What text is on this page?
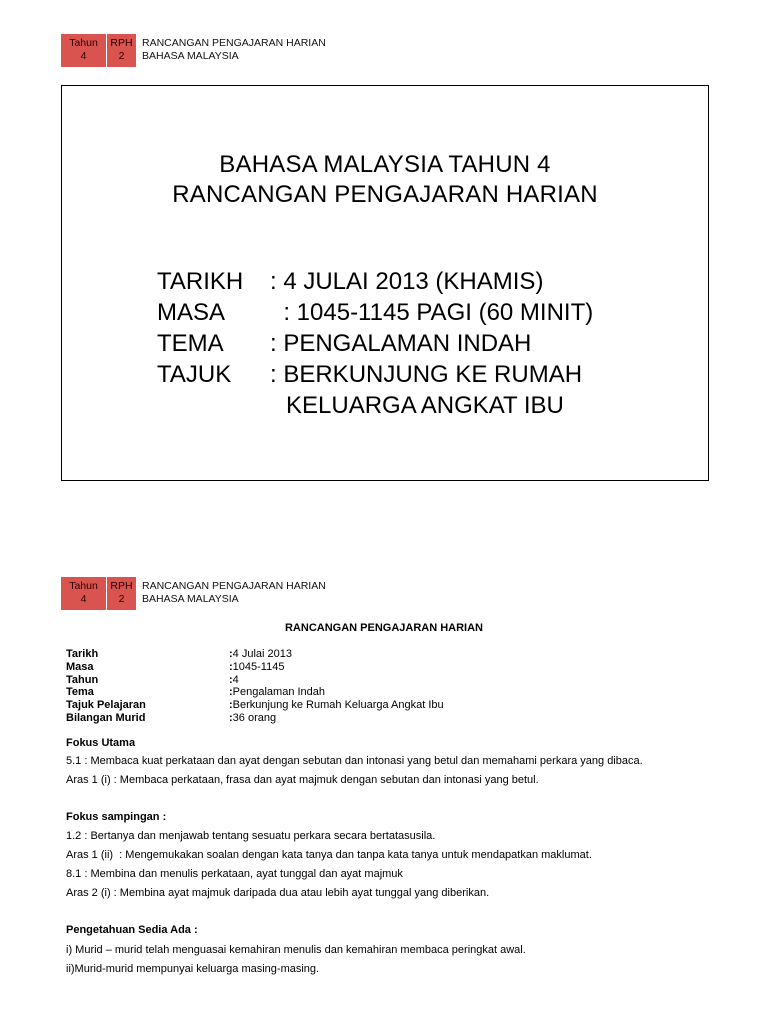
Tahun
4
RPH
2
RANCANGAN PENGAJARAN HARIAN
BAHASA MALAYSIA
BAHASA MALAYSIA TAHUN 4
RANCANGAN PENGAJARAN HARIAN
TARIKH	: 4 JULAI 2013 (KHAMIS)
MASA	: 1045-1145 PAGI (60 MINIT)
TEMA	: PENGALAMAN INDAH
TAJUK	: BERKUNJUNG KE RUMAH
KELUARGA ANGKAT IBU
Tahun
4
RPH
2
RANCANGAN PENGAJARAN HARIAN
BAHASA MALAYSIA
RANCANGAN PENGAJARAN HARIAN
Tarikh	: 4 Julai 2013
Masa	: 1045-1145
Tahun	: 4
Tema	: Pengalaman Indah
Tajuk Pelajaran	: Berkunjung ke Rumah Keluarga Angkat Ibu
Bilangan Murid	: 36 orang
Fokus Utama
5.1 : Membaca kuat perkataan dan ayat dengan sebutan dan intonasi yang betul dan memahami perkara yang dibaca.
Aras 1 (i) : Membaca perkataan, frasa dan ayat majmuk dengan sebutan dan intonasi yang betul.
Fokus sampingan :
1.2 : Bertanya dan menjawab tentang sesuatu perkara secara bertatasusila.
Aras 1 (ii)  : Mengemukakan soalan dengan kata tanya dan tanpa kata tanya untuk mendapatkan maklumat.
8.1 : Membina dan menulis perkataan, ayat tunggal dan ayat majmuk
Aras 2 (i) : Membina ayat majmuk daripada dua atau lebih ayat tunggal yang diberikan.
Pengetahuan Sedia Ada :
i) Murid – murid telah menguasai kemahiran menulis dan kemahiran membaca peringkat awal.
ii)Murid-murid mempunyai keluarga masing-masing.
